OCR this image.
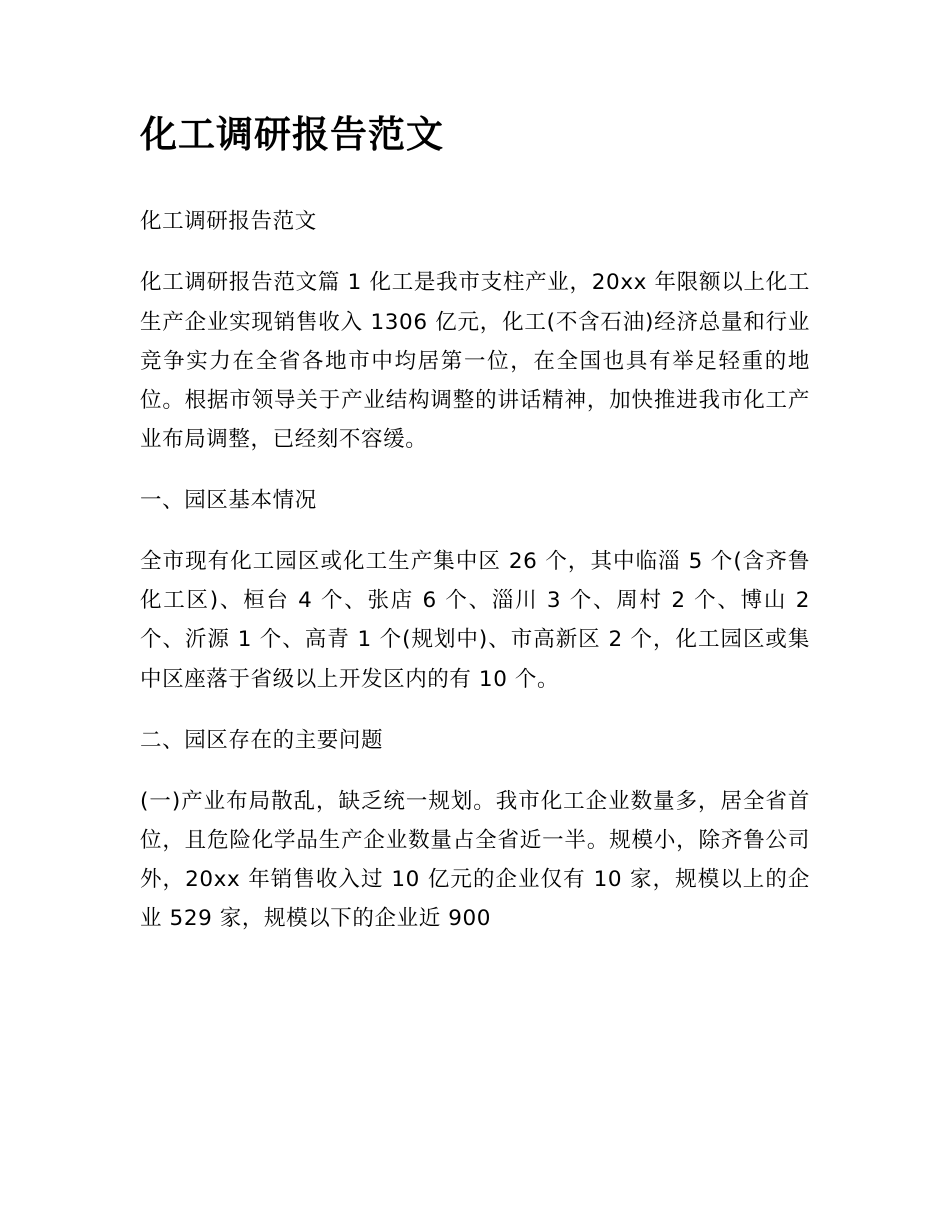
化工调研报告范文

化工调研报告范文

化工调研报告范文篇 1 化工是我市支柱产业，20xx 年限额以上化工生产企业实现销售收入 1306 亿元，化工(不含石油)经济总量和行业竞争实力在全省各地市中均居第一位，在全国也具有举足轻重的地位。根据市领导关于产业结构调整的讲话精神，加快推进我市化工产业布局调整，已经刻不容缓。

一、园区基本情况

全市现有化工园区或化工生产集中区 26 个，其中临淄 5 个(含齐鲁化工区)、桓台 4 个、张店 6 个、淄川 3 个、周村 2 个、博山 2 个、沂源 1 个、高青 1 个(规划中)、市高新区 2 个，化工园区或集中区座落于省级以上开发区内的有 10 个。

二、园区存在的主要问题

(一)产业布局散乱，缺乏统一规划。我市化工企业数量多，居全省首位，且危险化学品生产企业数量占全省近一半。规模小，除齐鲁公司外，20xx 年销售收入过 10 亿元的企业仅有 10 家，规模以上的企业 529 家，规模以下的企业近 900
